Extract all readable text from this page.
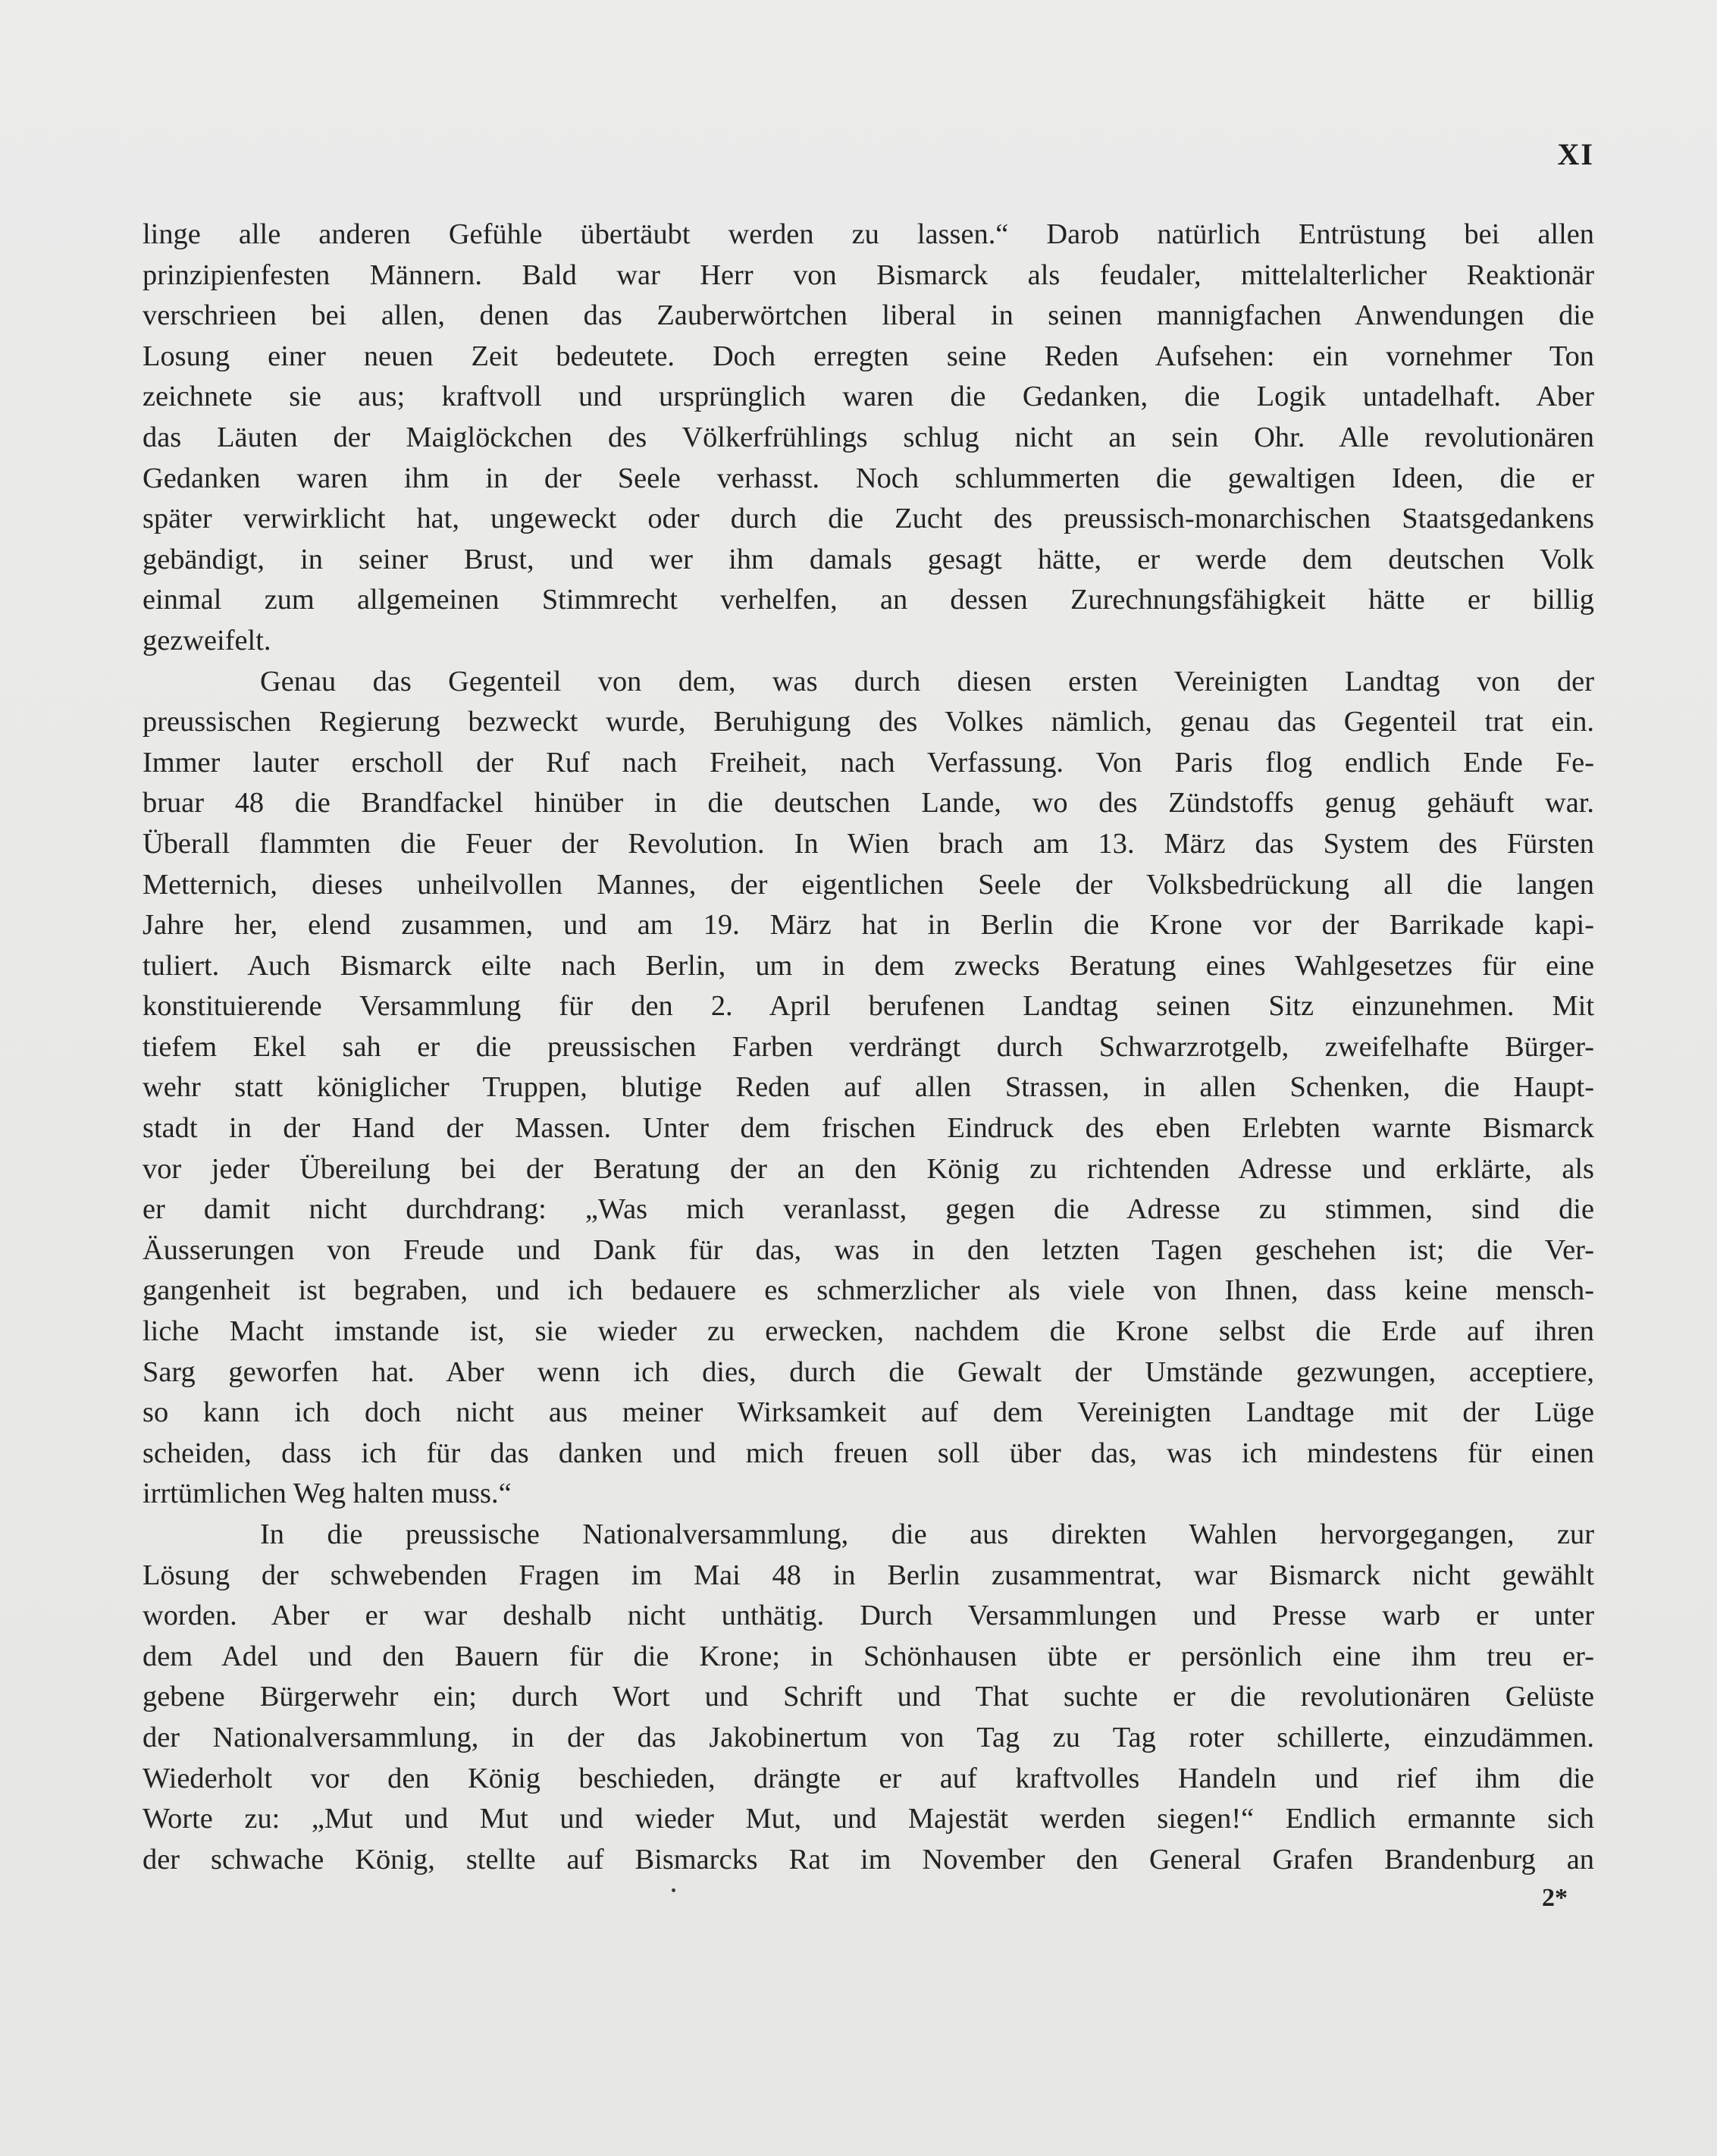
XI
linge alle anderen Gefühle übertäubt werden zu lassen.“ Darob natürlich Entrüstung bei allen
prinzipienfesten Männern. Bald war Herr von Bismarck als feudaler, mittelalterlicher Reaktionär
verschrieen bei allen, denen das Zauberwörtchen liberal in seinen mannigfachen Anwendungen die
Losung einer neuen Zeit bedeutete. Doch erregten seine Reden Aufsehen: ein vornehmer Ton
zeichnete sie aus; kraftvoll und ursprünglich waren die Gedanken, die Logik untadelhaft. Aber
das Läuten der Maiglöckchen des Völkerfrühlings schlug nicht an sein Ohr. Alle revolutionären
Gedanken waren ihm in der Seele verhasst. Noch schlummerten die gewaltigen Ideen, die er
später verwirklicht hat, ungeweckt oder durch die Zucht des preussisch-monarchischen Staatsgedankens
gebändigt, in seiner Brust, und wer ihm damals gesagt hätte, er werde dem deutschen Volk
einmal zum allgemeinen Stimmrecht verhelfen, an dessen Zurechnungsfähigkeit hätte er billig
gezweifelt.
Genau das Gegenteil von dem, was durch diesen ersten Vereinigten Landtag von der
preussischen Regierung bezweckt wurde, Beruhigung des Volkes nämlich, genau das Gegenteil trat ein.
Immer lauter erscholl der Ruf nach Freiheit, nach Verfassung. Von Paris flog endlich Ende Fe-
bruar 48 die Brandfackel hinüber in die deutschen Lande, wo des Zündstoffs genug gehäuft war.
Überall flammten die Feuer der Revolution. In Wien brach am 13. März das System des Fürsten
Metternich, dieses unheilvollen Mannes, der eigentlichen Seele der Volksbedrückung all die langen
Jahre her, elend zusammen, und am 19. März hat in Berlin die Krone vor der Barrikade kapi-
tuliert. Auch Bismarck eilte nach Berlin, um in dem zwecks Beratung eines Wahlgesetzes für eine
konstituierende Versammlung für den 2. April berufenen Landtag seinen Sitz einzunehmen. Mit
tiefem Ekel sah er die preussischen Farben verdrängt durch Schwarzrotgelb, zweifelhafte Bürger-
wehr statt königlicher Truppen, blutige Reden auf allen Strassen, in allen Schenken, die Haupt-
stadt in der Hand der Massen. Unter dem frischen Eindruck des eben Erlebten warnte Bismarck
vor jeder Übereilung bei der Beratung der an den König zu richtenden Adresse und erklärte, als
er damit nicht durchdrang: „Was mich veranlasst, gegen die Adresse zu stimmen, sind die
Äusserungen von Freude und Dank für das, was in den letzten Tagen geschehen ist; die Ver-
gangenheit ist begraben, und ich bedauere es schmerzlicher als viele von Ihnen, dass keine mensch-
liche Macht imstande ist, sie wieder zu erwecken, nachdem die Krone selbst die Erde auf ihren
Sarg geworfen hat. Aber wenn ich dies, durch die Gewalt der Umstände gezwungen, acceptiere,
so kann ich doch nicht aus meiner Wirksamkeit auf dem Vereinigten Landtage mit der Lüge
scheiden, dass ich für das danken und mich freuen soll über das, was ich mindestens für einen
irrtümlichen Weg halten muss.“
In die preussische Nationalversammlung, die aus direkten Wahlen hervorgegangen, zur
Lösung der schwebenden Fragen im Mai 48 in Berlin zusammentrat, war Bismarck nicht gewählt
worden. Aber er war deshalb nicht unthätig. Durch Versammlungen und Presse warb er unter
dem Adel und den Bauern für die Krone; in Schönhausen übte er persönlich eine ihm treu er-
gebene Bürgerwehr ein; durch Wort und Schrift und That suchte er die revolutionären Gelüste
der Nationalversammlung, in der das Jakobinertum von Tag zu Tag roter schillerte, einzudämmen.
Wiederholt vor den König beschieden, drängte er auf kraftvolles Handeln und rief ihm die
Worte zu: „Mut und Mut und wieder Mut, und Majestät werden siegen!“ Endlich ermannte sich
der schwache König, stellte auf Bismarcks Rat im November den General Grafen Brandenburg an
2*
